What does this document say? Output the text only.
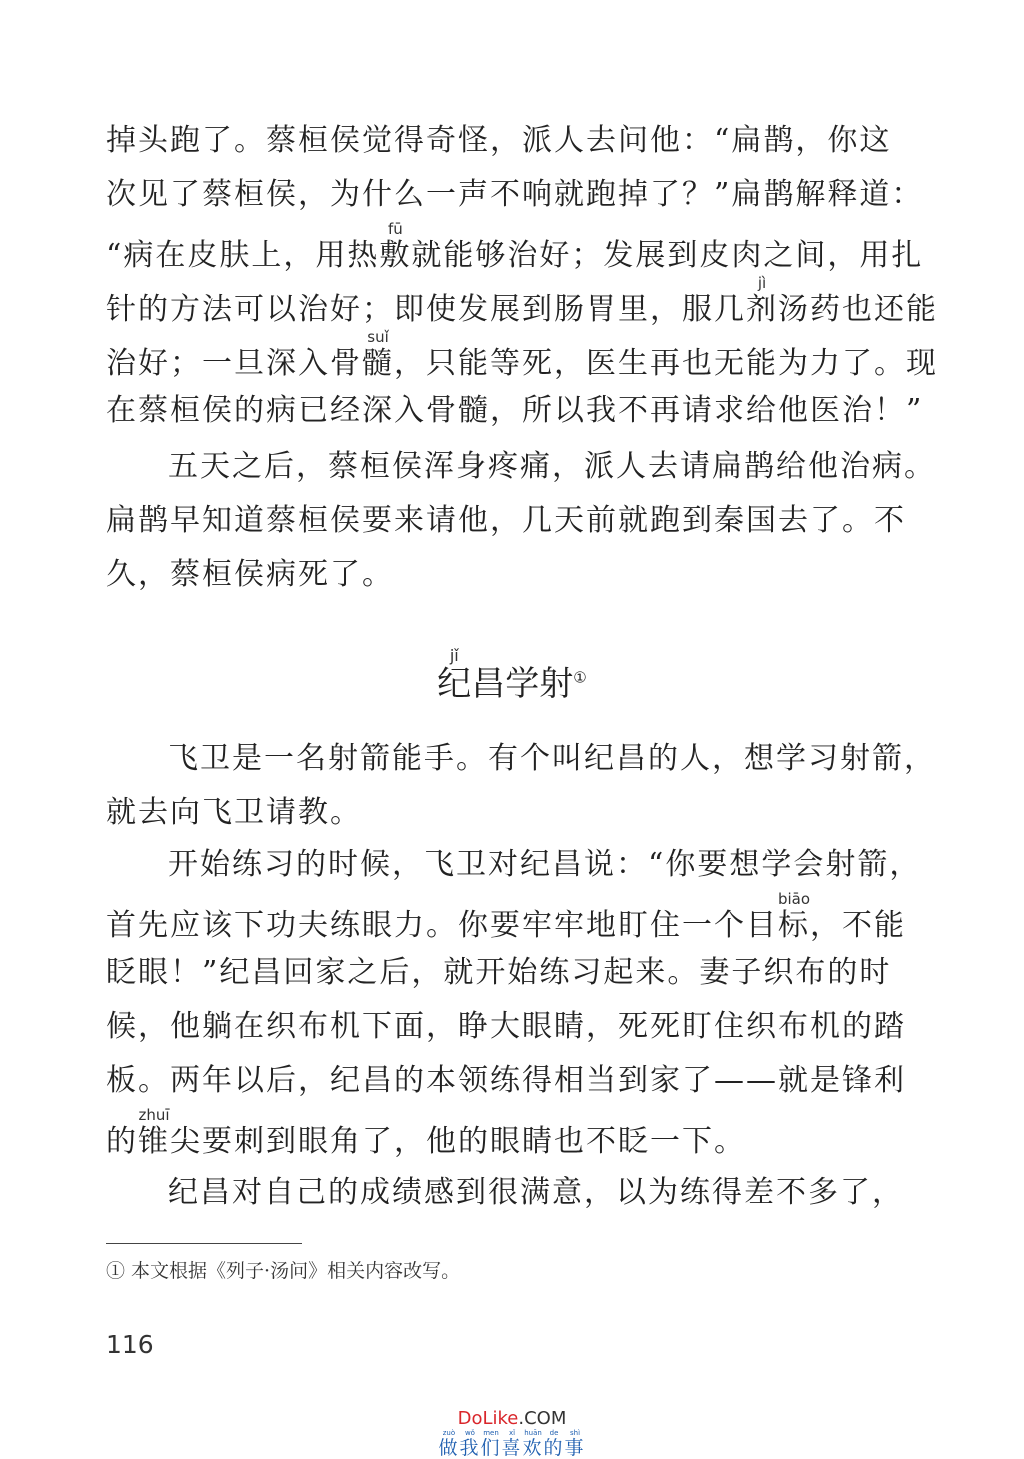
掉头跑了。蔡桓侯觉得奇怪，派人去问他：“扁鹊，你这
次见了蔡桓侯，为什么一声不响就跑掉了？”扁鹊解释道：
“病在皮肤上，用热敷fū就能够治好；发展到皮肉之间，用扎
针的方法可以治好；即使发展到肠胃里，服几剂jì汤药也还能
治好；一旦深入骨髓suǐ，只能等死，医生再也无能为力了。现
在蔡桓侯的病已经深入骨髓，所以我不再请求给他医治！”
五天之后，蔡桓侯浑身疼痛，派人去请扁鹊给他治病。
扁鹊早知道蔡桓侯要来请他，几天前就跑到秦国去了。不
久，蔡桓侯病死了。
纪jǐ昌学射①
飞卫是一名射箭能手。有个叫纪昌的人，想学习射箭，
就去向飞卫请教。
开始练习的时候，飞卫对纪昌说：“你要想学会射箭，
首先应该下功夫练眼力。你要牢牢地盯住一个目标biāo，不能
眨眼！”纪昌回家之后，就开始练习起来。妻子织布的时
候，他躺在织布机下面，睁大眼睛，死死盯住织布机的踏
板。两年以后，纪昌的本领练得相当到家了——就是锋利
的锥zhuī尖要刺到眼角了，他的眼睛也不眨一下。
纪昌对自己的成绩感到很满意，以为练得差不多了，
① 本文根据《列子·汤问》相关内容改写。
116
DoLike.COM
做zuò我wǒ们men喜xǐ欢huān的de事shì
